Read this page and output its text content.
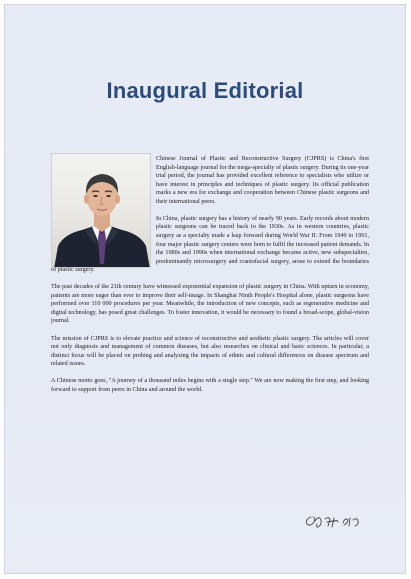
Inaugural Editorial

Chinese Journal of Plastic and Reconstructive Surgery (CJPRS) is China's first English-language journal for the mega-specialty of plastic surgery. During its one-year trial period, the journal has provided excellent reference to specialists who utilize or have interest in principles and techniques of plastic surgery. Its official publication marks a new era for exchange and cooperation between Chinese plastic surgeons and their international peers.

In China, plastic surgery has a history of nearly 90 years. Early records about modern plastic surgeons can be traced back to the 1930s. As in western countries, plastic surgery as a specialty made a leap forward during World War II. From 1949 to 1961, four major plastic surgery centers were born to fulfil the increased patient demands. In the 1980s and 1990s when international exchange became active, new subspecialties, predominantly microsurgery and craniofacial surgery, arose to extend the boundaries of plastic surgery.

The past decades of the 21th century have witnessed exponential expansion of plastic surgery in China. With upturn in economy, patients are more eager than ever to improve their self-image. In Shanghai Ninth People's Hospital alone, plastic surgeons have performed over 110 000 procedures per year. Meanwhile, the introduction of new concepts, such as regenerative medicine and digital technology, has posed great challenges. To foster innovation, it would be necessary to found a broad-scope, global-vision journal.

The mission of CJPRS is to elevate practice and science of reconstructive and aesthetic plastic surgery. The articles will cover not only diagnosis and management of common diseases, but also researches on clinical and basic sciences. In particular, a distinct focus will be placed on probing and analyzing the impacts of ethnic and cultural differences on disease spectrum and related issues.

A Chinese motto goes, "A journey of a thousand miles begins with a single step." We are now making the first step, and looking forward to support from peers in China and around the world.
